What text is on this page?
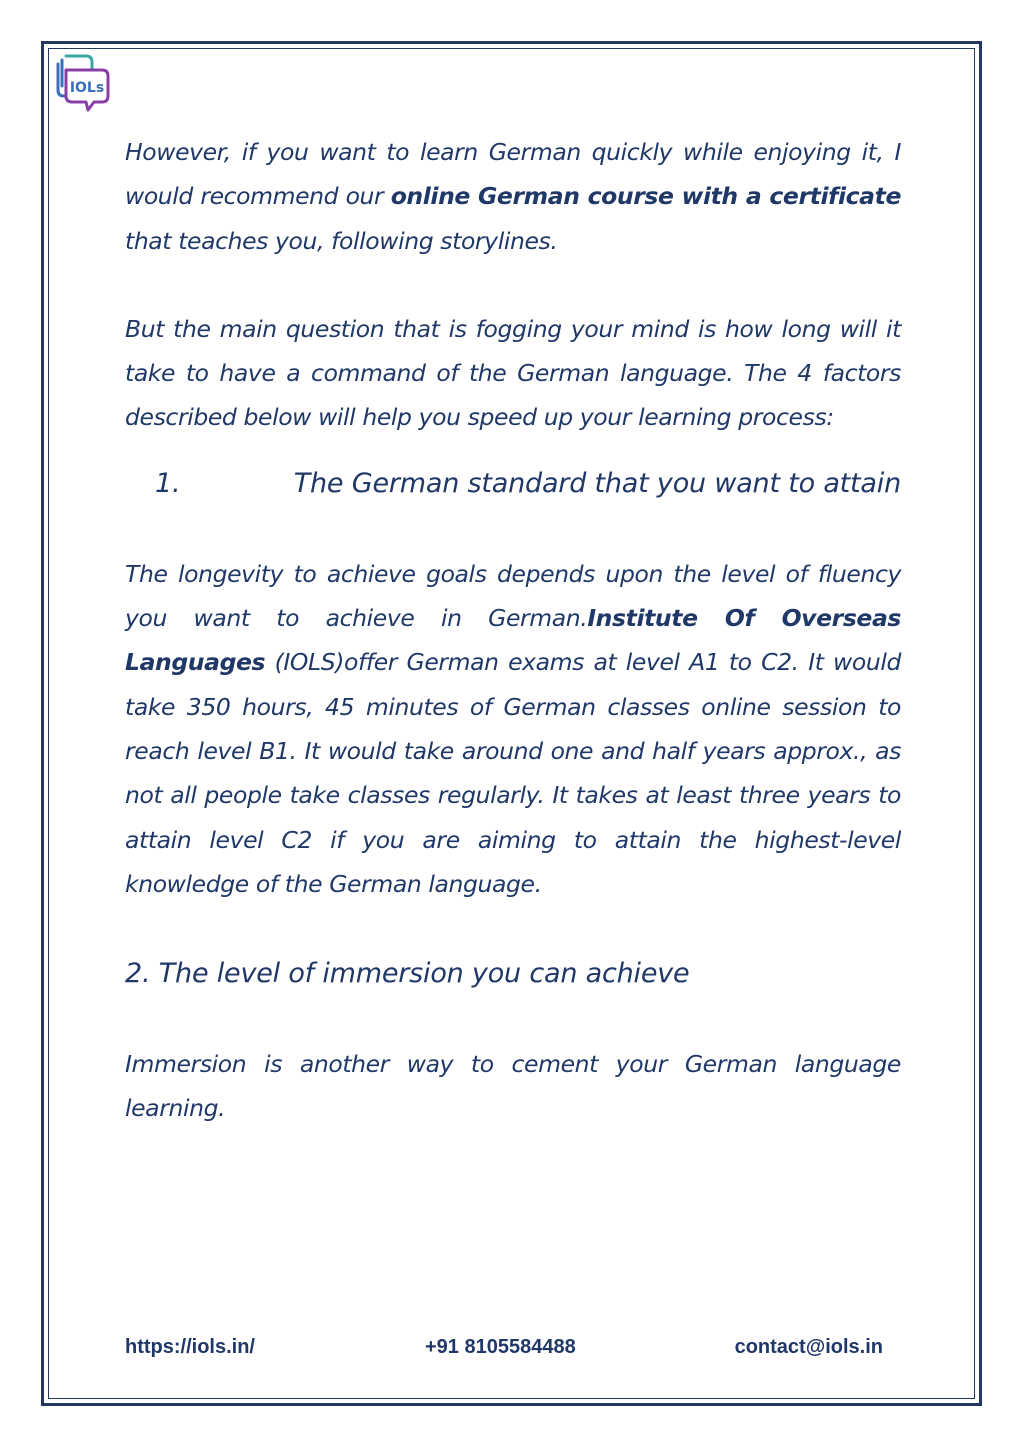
IOLs

However, if you want to learn German quickly while enjoying it, I would recommend our online German course with a certificate that teaches you, following storylines.

But the main question that is fogging your mind is how long will it take to have a command of the German language. The 4 factors described below will help you speed up your learning process:

1.	The German standard that you want to attain

The longevity to achieve goals depends upon the level of fluency you want to achieve in German.Institute Of Overseas Languages (IOLS)offer German exams at level A1 to C2. It would take 350 hours, 45 minutes of German classes online session to reach level B1. It would take around one and half years approx., as not all people take classes regularly. It takes at least three years to attain level C2 if you are aiming to attain the highest-level knowledge of the German language.

2. The level of immersion you can achieve

Immersion is another way to cement your German language learning.

https://iols.in/	+91 8105584488	contact@iols.in
